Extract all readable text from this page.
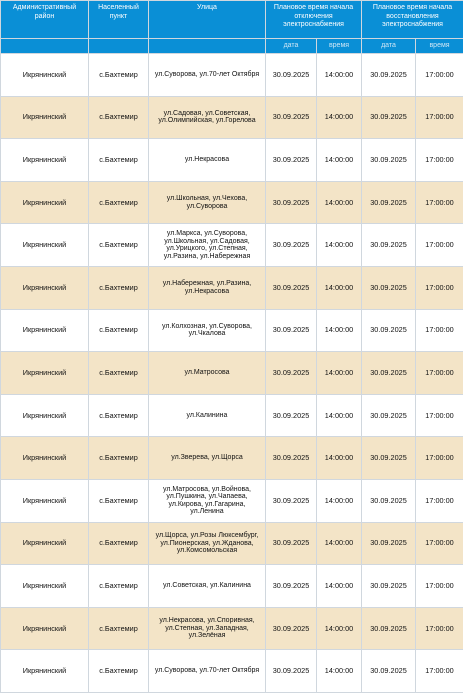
Административный район	Населенный пункт	Улица	Плановое время начала отключения электроснабжения		Плановое время начала восстановления электроснабжения	
			дата	время	дата	время
Икрянинский	с.Бахтемир	ул.Суворова, ул.70-лет Октября	30.09.2025	14:00:00	30.09.2025	17:00:00
Икрянинский	с.Бахтемир	ул.Садовая, ул.Советская, ул.Олимпийская, ул.Горелова	30.09.2025	14:00:00	30.09.2025	17:00:00
Икрянинский	с.Бахтемир	ул.Некрасова	30.09.2025	14:00:00	30.09.2025	17:00:00
Икрянинский	с.Бахтемир	ул.Школьная, ул.Чехова, ул.Суворова	30.09.2025	14:00:00	30.09.2025	17:00:00
Икрянинский	с.Бахтемир	ул.Маркса, ул.Суворова, ул.Школьная, ул.Садовая, ул.Урицкого, ул.Степная, ул.Разина, ул.Набережная	30.09.2025	14:00:00	30.09.2025	17:00:00
Икрянинский	с.Бахтемир	ул.Набережная, ул.Разина, ул.Некрасова	30.09.2025	14:00:00	30.09.2025	17:00:00
Икрянинский	с.Бахтемир	ул.Колхозная, ул.Суворова, ул.Чкалова	30.09.2025	14:00:00	30.09.2025	17:00:00
Икрянинский	с.Бахтемир	ул.Матросова	30.09.2025	14:00:00	30.09.2025	17:00:00
Икрянинский	с.Бахтемир	ул.Калинина	30.09.2025	14:00:00	30.09.2025	17:00:00
Икрянинский	с.Бахтемир	ул.Зверева, ул.Щорса	30.09.2025	14:00:00	30.09.2025	17:00:00
Икрянинский	с.Бахтемир	ул.Матросова, ул.Войнова, ул.Пушкина, ул.Чапаева, ул.Кирова, ул.Гагарина, ул.Ленина	30.09.2025	14:00:00	30.09.2025	17:00:00
Икрянинский	с.Бахтемир	ул.Щорса, ул.Розы Люксембург, ул.Пионерская, ул.Жданова, ул.Комсомольская	30.09.2025	14:00:00	30.09.2025	17:00:00
Икрянинский	с.Бахтемир	ул.Советская, ул.Калинина	30.09.2025	14:00:00	30.09.2025	17:00:00
Икрянинский	с.Бахтемир	ул.Некрасова, ул.Споривная, ул.Степная, ул.Западная, ул.Зелёная	30.09.2025	14:00:00	30.09.2025	17:00:00
Икрянинский	с.Бахтемир	ул.Суворова, ул.70-лет Октября	30.09.2025	14:00:00	30.09.2025	17:00:00
